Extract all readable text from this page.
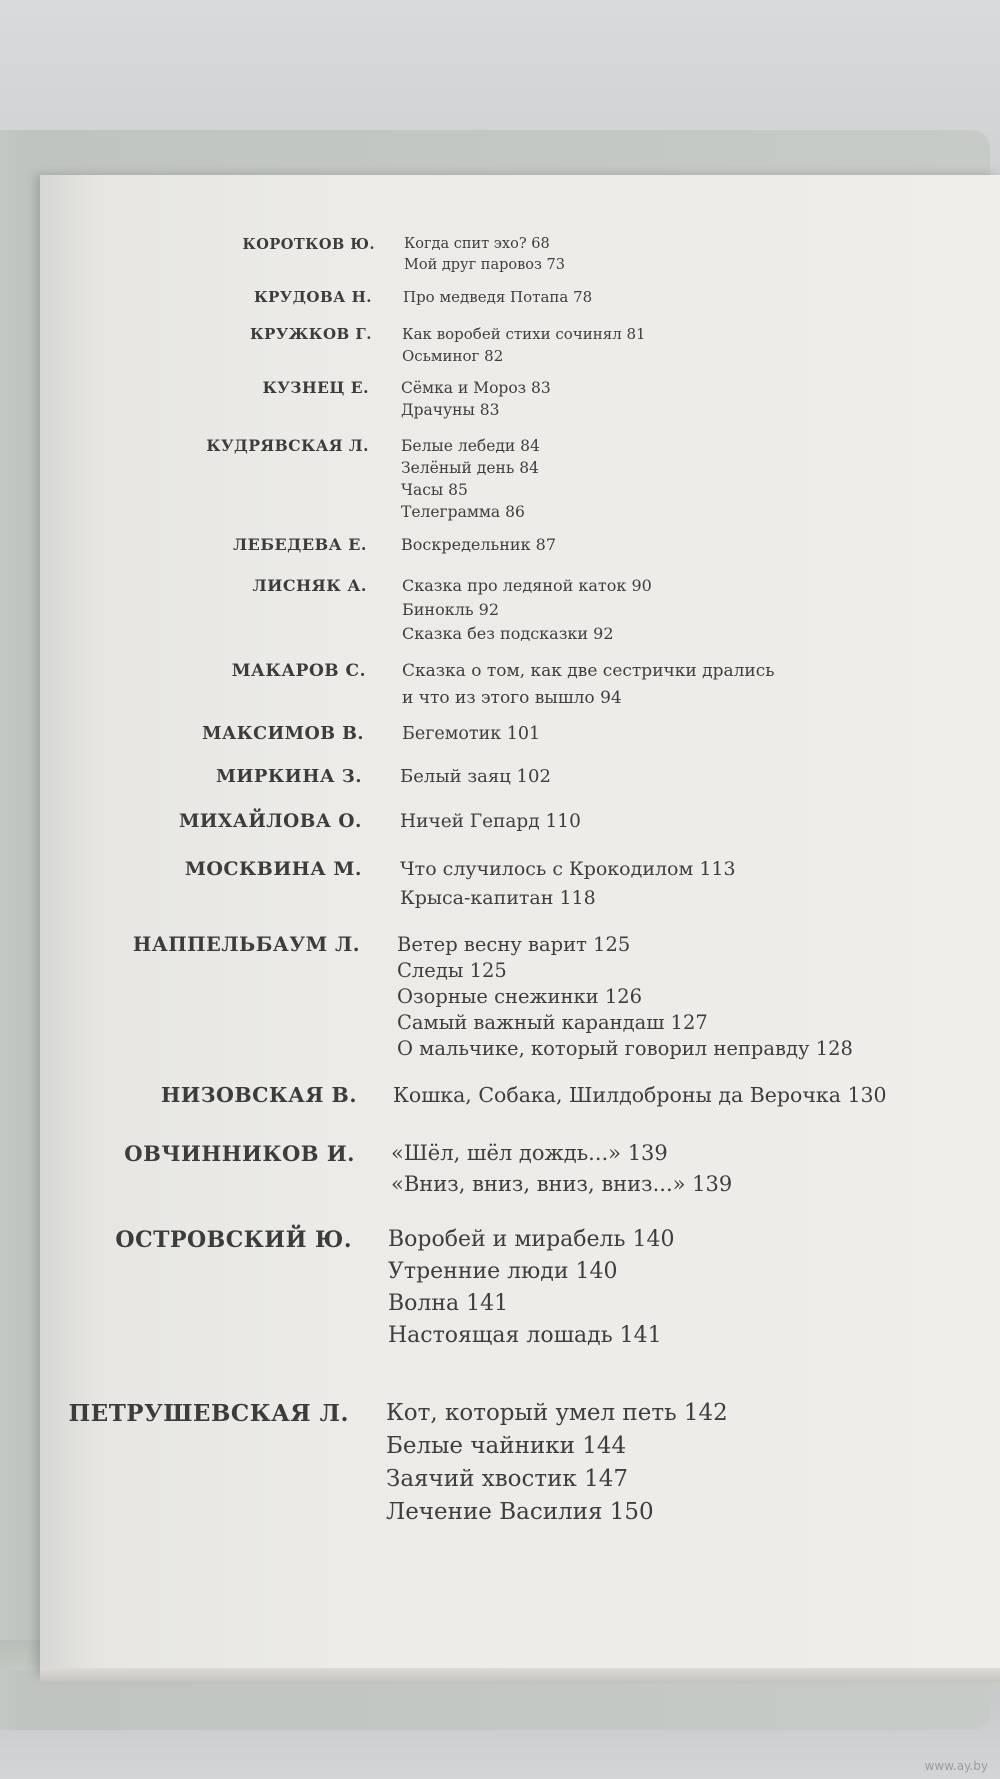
КОРОТКОВ Ю. Когда спит эхо? 68
Мой друг паровоз 73
КРУДОВА Н. Про медведя Потапа 78
КРУЖКОВ Г. Как воробей стихи сочинял 81
Осьминог 82
КУЗНЕЦ Е. Сёмка и Мороз 83
Драчуны 83
КУДРЯВСКАЯ Л. Белые лебеди 84
Зелёный день 84
Часы 85
Телеграмма 86
ЛЕБЕДЕВА Е. Воскредельник 87
ЛИСНЯК А. Сказка про ледяной каток 90
Бинокль 92
Сказка без подсказки 92
МАКАРОВ С. Сказка о том, как две сестрички дрались
и что из этого вышло 94
МАКСИМОВ В. Бегемотик 101
МИРКИНА З. Белый заяц 102
МИХАЙЛОВА О. Ничей Гепард 110
МОСКВИНА М. Что случилось с Крокодилом 113
Крыса-капитан 118
НАППЕЛЬБАУМ Л. Ветер весну варит 125
Следы 125
Озорные снежинки 126
Самый важный карандаш 127
О мальчике, который говорил неправду 128
НИЗОВСКАЯ В. Кошка, Собака, Шилдоброны да Верочка 130
ОВЧИННИКОВ И. «Шёл, шёл дождь...» 139
«Вниз, вниз, вниз, вниз...» 139
ОСТРОВСКИЙ Ю. Воробей и мирабель 140
Утренние люди 140
Волна 141
Настоящая лошадь 141
ПЕТРУШЕВСКАЯ Л. Кот, который умел петь 142
Белые чайники 144
Заячий хвостик 147
Лечение Василия 150
www.ay.by
